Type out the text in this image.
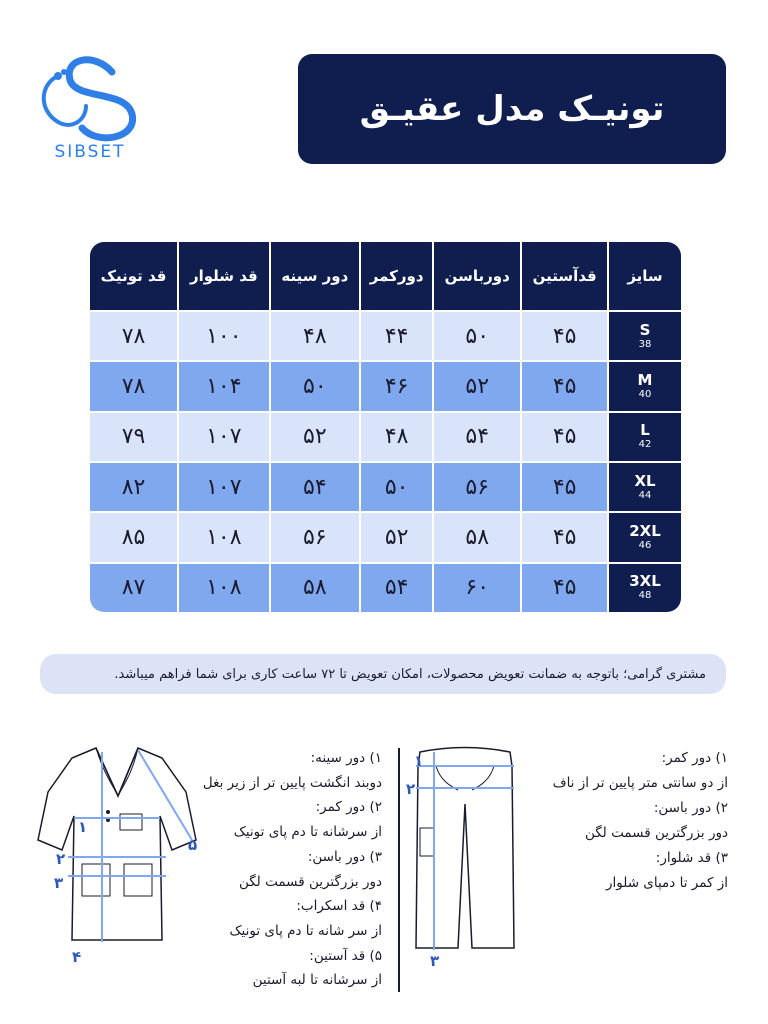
SIBSET
تونیـک مدل عقیـق
سایز	قدآستین	دورباسن	دورکمر	دور سینه	قد شلوار	قد تونیک

S
38	۴۵	۵۰	۴۴	۴۸	۱۰۰	۷۸

M
40	۴۵	۵۲	۴۶	۵۰	۱۰۴	۷۸

L
42	۴۵	۵۴	۴۸	۵۲	۱۰۷	۷۹

XL
44	۴۵	۵۶	۵۰	۵۴	۱۰۷	۸۲

2XL
46	۴۵	۵۸	۵۲	۵۶	۱۰۸	۸۵

3XL
48	۴۵	۶۰	۵۴	۵۸	۱۰۸	۸۷
مشتری گرامی؛ باتوجه به ضمانت تعویض محصولات، امکان تعویض تا ۷۲ ساعت کاری برای شما فراهم میباشد.
۱
۲
۳
۴
۵
۱) دور سینه:
دوبند انگشت پایین تر از زیر بغل
۲) دور کمر:
از سرشانه تا دم پای تونیک
۳) دور باسن:
دور بزرگترین قسمت لگن
۴) قد اسکراب:
از سر شانه تا دم پای تونیک
۵) قد آستین:
از سرشانه تا لبه آستین
۱
۲
۳
۱) دور کمر:
از دو سانتی متر پایین تر از ناف
۲) دور باسن:
دور بزرگترین قسمت لگن
۳) قد شلوار:
از کمر تا دمپای شلوار
